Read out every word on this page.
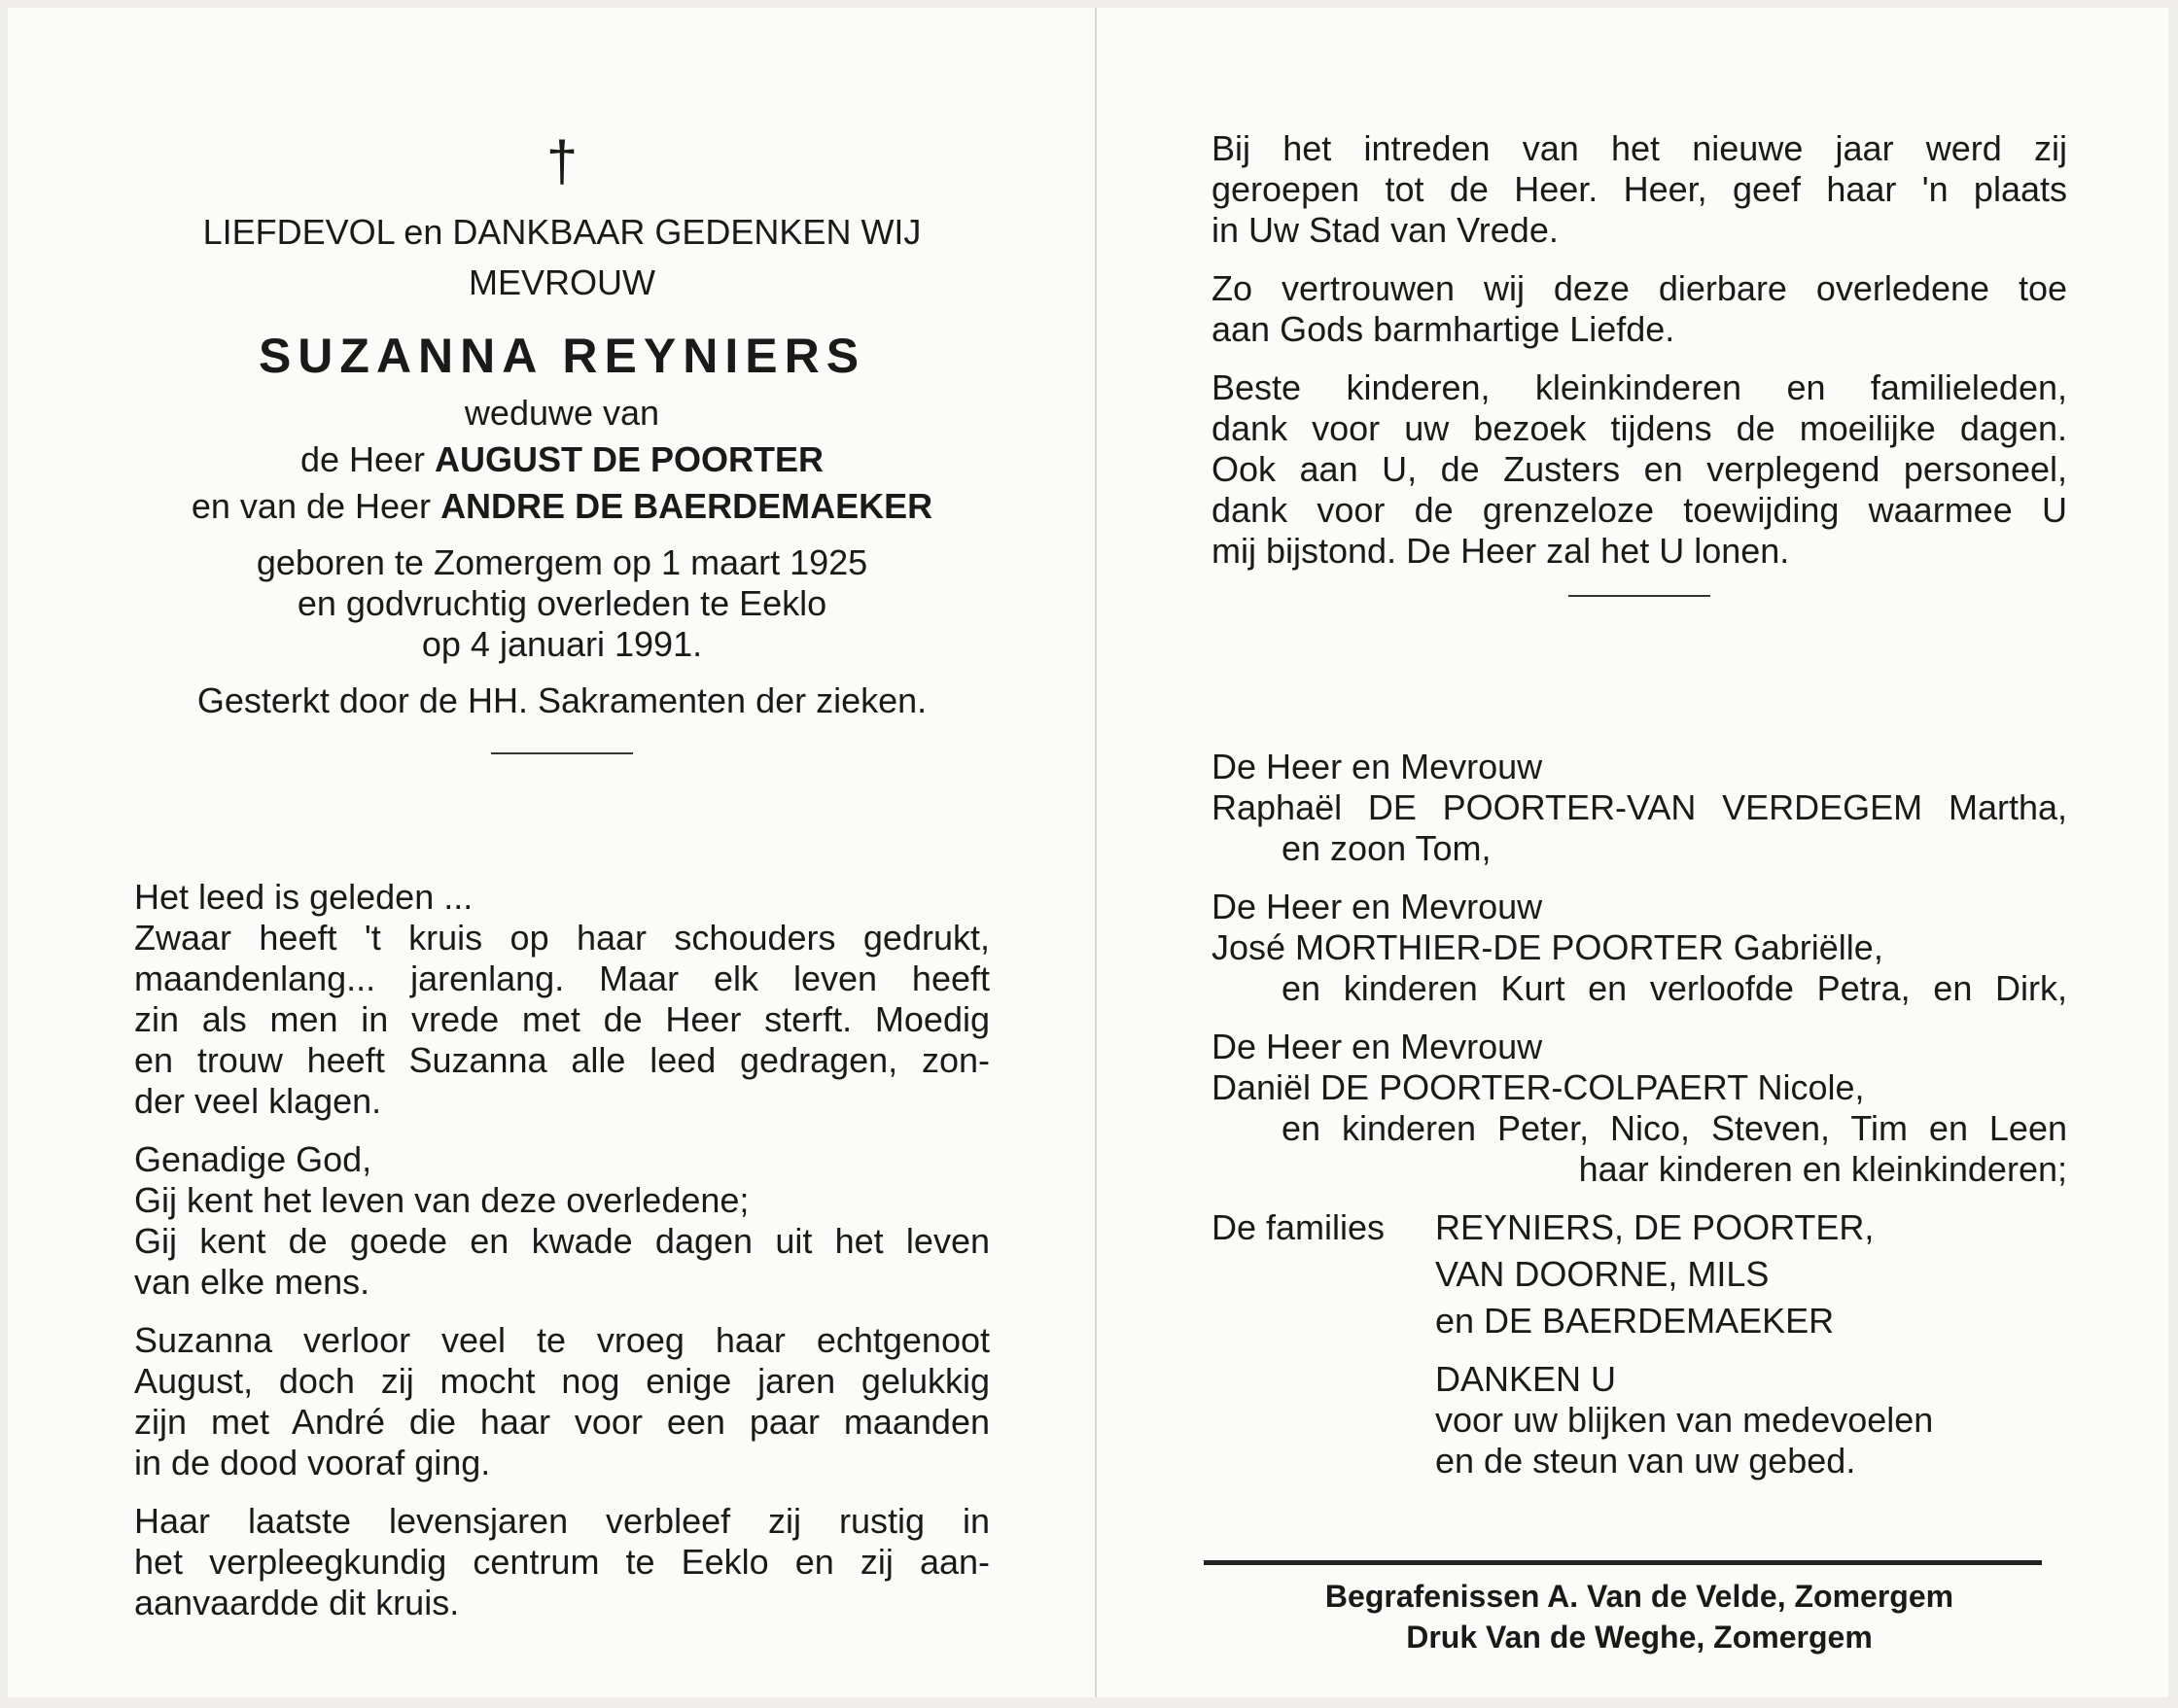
†

LIEFDEVOL en DANKBAAR GEDENKEN WIJ

MEVROUW

SUZANNA REYNIERS

weduwe van

de Heer AUGUST DE POORTER

en van de Heer ANDRE DE BAERDEMAEKER

geboren te Zomergem op 1 maart 1925

en godvruchtig overleden te Eeklo

op 4 januari 1991.

Gesterkt door de HH. Sakramenten der zieken.

Het leed is geleden ...

Zwaar heeft 't kruis op haar schouders gedrukt,

maandenlang... jarenlang. Maar elk leven heeft

zin als men in vrede met de Heer sterft. Moedig

en trouw heeft Suzanna alle leed gedragen, zon-

der veel klagen.

Genadige God,

Gij kent het leven van deze overledene;

Gij kent de goede en kwade dagen uit het leven

van elke mens.

Suzanna verloor veel te vroeg haar echtgenoot

August, doch zij mocht nog enige jaren gelukkig

zijn met André die haar voor een paar maanden

in de dood vooraf ging.

Haar laatste levensjaren verbleef zij rustig in

het verpleegkundig centrum te Eeklo en zij aan-

aanvaardde dit kruis.

Bij het intreden van het nieuwe jaar werd zij

geroepen tot de Heer. Heer, geef haar 'n plaats

in Uw Stad van Vrede.

Zo vertrouwen wij deze dierbare overledene toe

aan Gods barmhartige Liefde.

Beste kinderen, kleinkinderen en familieleden,

dank voor uw bezoek tijdens de moeilijke dagen.

Ook aan U, de Zusters en verplegend personeel,

dank voor de grenzeloze toewijding waarmee U

mij bijstond. De Heer zal het U lonen.

De Heer en Mevrouw

Raphaël DE POORTER-VAN VERDEGEM Martha,

en zoon Tom,

De Heer en Mevrouw

José MORTHIER-DE POORTER Gabriëlle,

en kinderen Kurt en verloofde Petra, en Dirk,

De Heer en Mevrouw

Daniël DE POORTER-COLPAERT Nicole,

en kinderen Peter, Nico, Steven, Tim en Leen

haar kinderen en kleinkinderen;

De families	REYNIERS, DE POORTER,

VAN DOORNE, MILS

en DE BAERDEMAEKER

DANKEN U

voor uw blijken van medevoelen

en de steun van uw gebed.

Begrafenissen A. Van de Velde, Zomergem

Druk Van de Weghe, Zomergem
